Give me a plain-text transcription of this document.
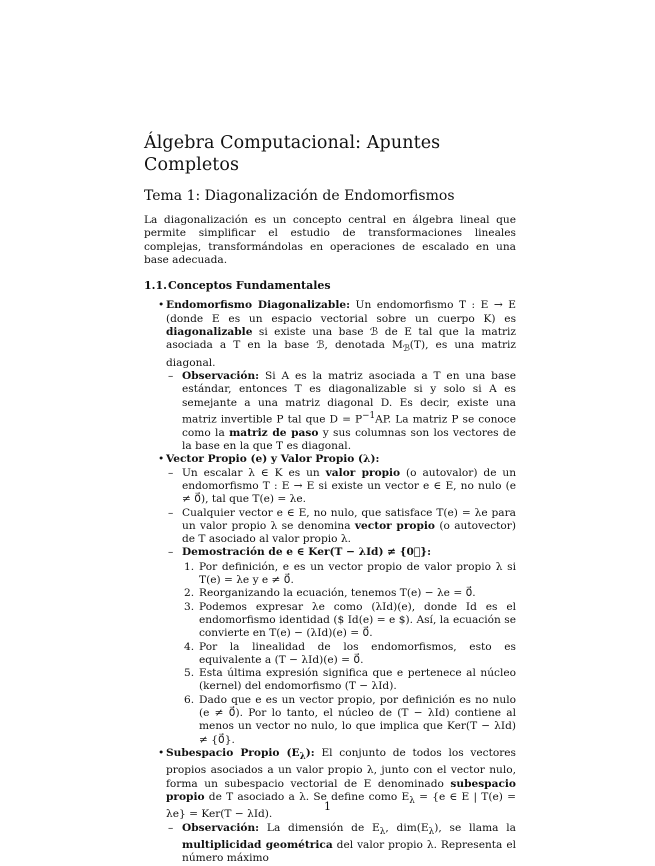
Álgebra Computacional: Apuntes Completos
Tema 1: Diagonalización de Endomorfismos

La diagonalización es un concepto central en álgebra lineal que permite simplificar el estudio de transformaciones lineales complejas, transformándolas en operaciones de escalado en una base adecuada.

1.1.Conceptos Fundamentales
• Endomorfismo Diagonalizable: Un endomorfismo T : E → E (donde E es un espacio vectorial sobre un cuerpo K) es diagonalizable si existe una base ℬ de E tal que la matriz asociada a T en la base ℬ, denotada $M_ℬ(T)$, es una matriz diagonal.
– Observación: Si A es la matriz asociada a T en una base estándar, entonces T es diagonalizable si y solo si A es semejante a una matriz diagonal D. Es decir, existe una matriz invertible P tal que $D = P^{-1}AP$. La matriz P se conoce como la matriz de paso y sus columnas son los vectores de la base en la que T es diagonal.
• Vector Propio (e) y Valor Propio (λ):
– Un escalar λ ∈ K es un valor propio (o autovalor) de un endomorfismo T : E → E si existe un vector e ∈ E, no nulo (e ≠ 0⃗), tal que T(e) = λe.
– Cualquier vector e ∈ E, no nulo, que satisface T(e) = λe para un valor propio λ se denomina vector propio (o autovector) de T asociado al valor propio λ.
– Demostración de e ∈ Ker(T − λId) ≠ {0⃗}:
1. Por definición, e es un vector propio de valor propio λ si T(e) = λe y e ≠ 0⃗.
2. Reorganizando la ecuación, tenemos T(e) − λe = 0⃗.
3. Podemos expresar λe como (λId)(e), donde Id es el endomorfismo identidad ($ Id(e) = e $). Así, la ecuación se convierte en T(e) − (λId)(e) = 0⃗.
4. Por la linealidad de los endomorfismos, esto es equivalente a (T − λId)(e) = 0⃗.
5. Esta última expresión significa que e pertenece al núcleo (kernel) del endomorfismo (T − λId).
6. Dado que e es un vector propio, por definición es no nulo (e ≠ 0⃗). Por lo tanto, el núcleo de (T − λId) contiene al menos un vector no nulo, lo que implica que Ker(T − λId) ≠ {0⃗}.
• Subespacio Propio $(E_\lambda)$: El conjunto de todos los vectores propios asociados a un valor propio λ, junto con el vector nulo, forma un subespacio vectorial de E denominado subespacio propio de T asociado a λ. Se define como $E_\lambda = \{e$ ∈ E | T(e) = λe} = Ker(T − λId).
– Observación: La dimensión de $E_\lambda$, $dim(E_\lambda)$, se llama la multiplicidad geométrica del valor propio λ. Representa el número máximo
1
